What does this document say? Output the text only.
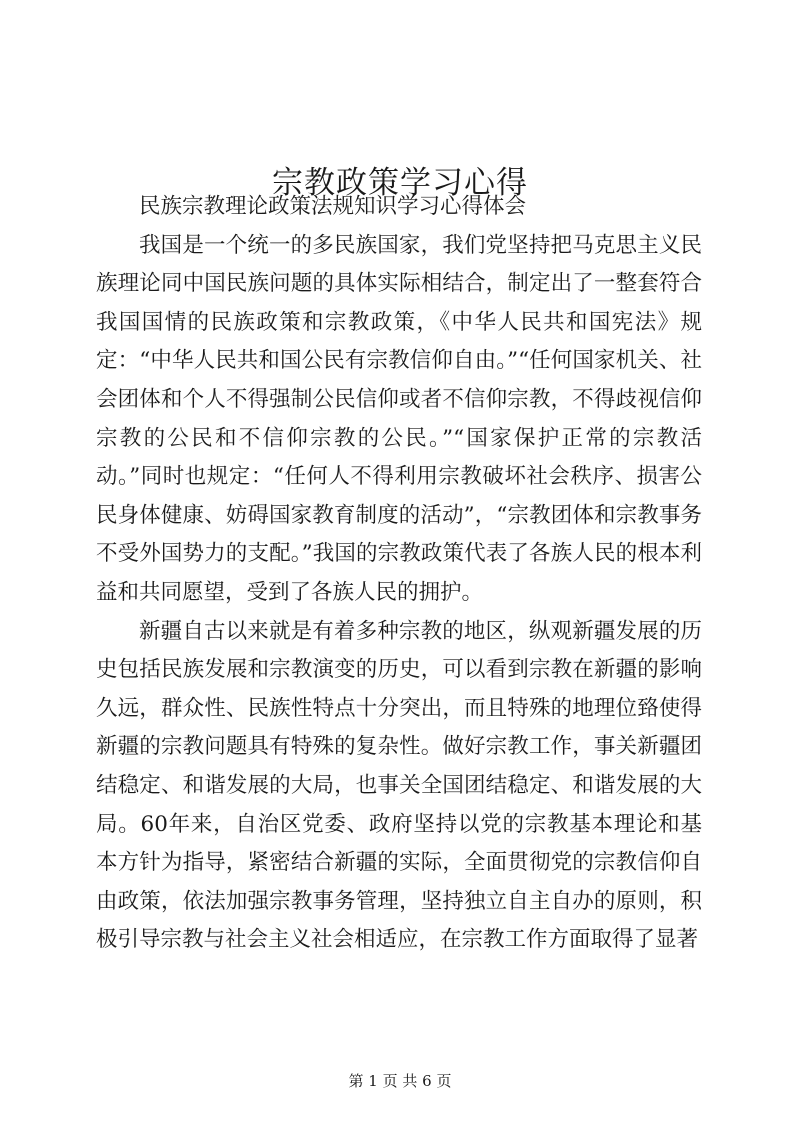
宗教政策学习心得

民族宗教理论政策法规知识学习心得体会

我国是一个统一的多民族国家，我们党坚持把马克思主义民族理论同中国民族问题的具体实际相结合，制定出了一整套符合我国国情的民族政策和宗教政策，《中华人民共和国宪法》规定：“中华人民共和国公民有宗教信仰自由。”“任何国家机关、社会团体和个人不得强制公民信仰或者不信仰宗教，不得歧视信仰宗教的公民和不信仰宗教的公民。”“国家保护正常的宗教活动。”同时也规定：“任何人不得利用宗教破坏社会秩序、损害公民身体健康、妨碍国家教育制度的活动”，“宗教团体和宗教事务不受外国势力的支配。”我国的宗教政策代表了各族人民的根本利益和共同愿望，受到了各族人民的拥护。

新疆自古以来就是有着多种宗教的地区，纵观新疆发展的历史包括民族发展和宗教演变的历史，可以看到宗教在新疆的影响久远，群众性、民族性特点十分突出，而且特殊的地理位臵使得新疆的宗教问题具有特殊的复杂性。做好宗教工作，事关新疆团结稳定、和谐发展的大局，也事关全国团结稳定、和谐发展的大局。60年来，自治区党委、政府坚持以党的宗教基本理论和基本方针为指导，紧密结合新疆的实际，全面贯彻党的宗教信仰自由政策，依法加强宗教事务管理，坚持独立自主自办的原则，积极引导宗教与社会主义社会相适应，在宗教工作方面取得了显著

第 1 页 共 6 页
